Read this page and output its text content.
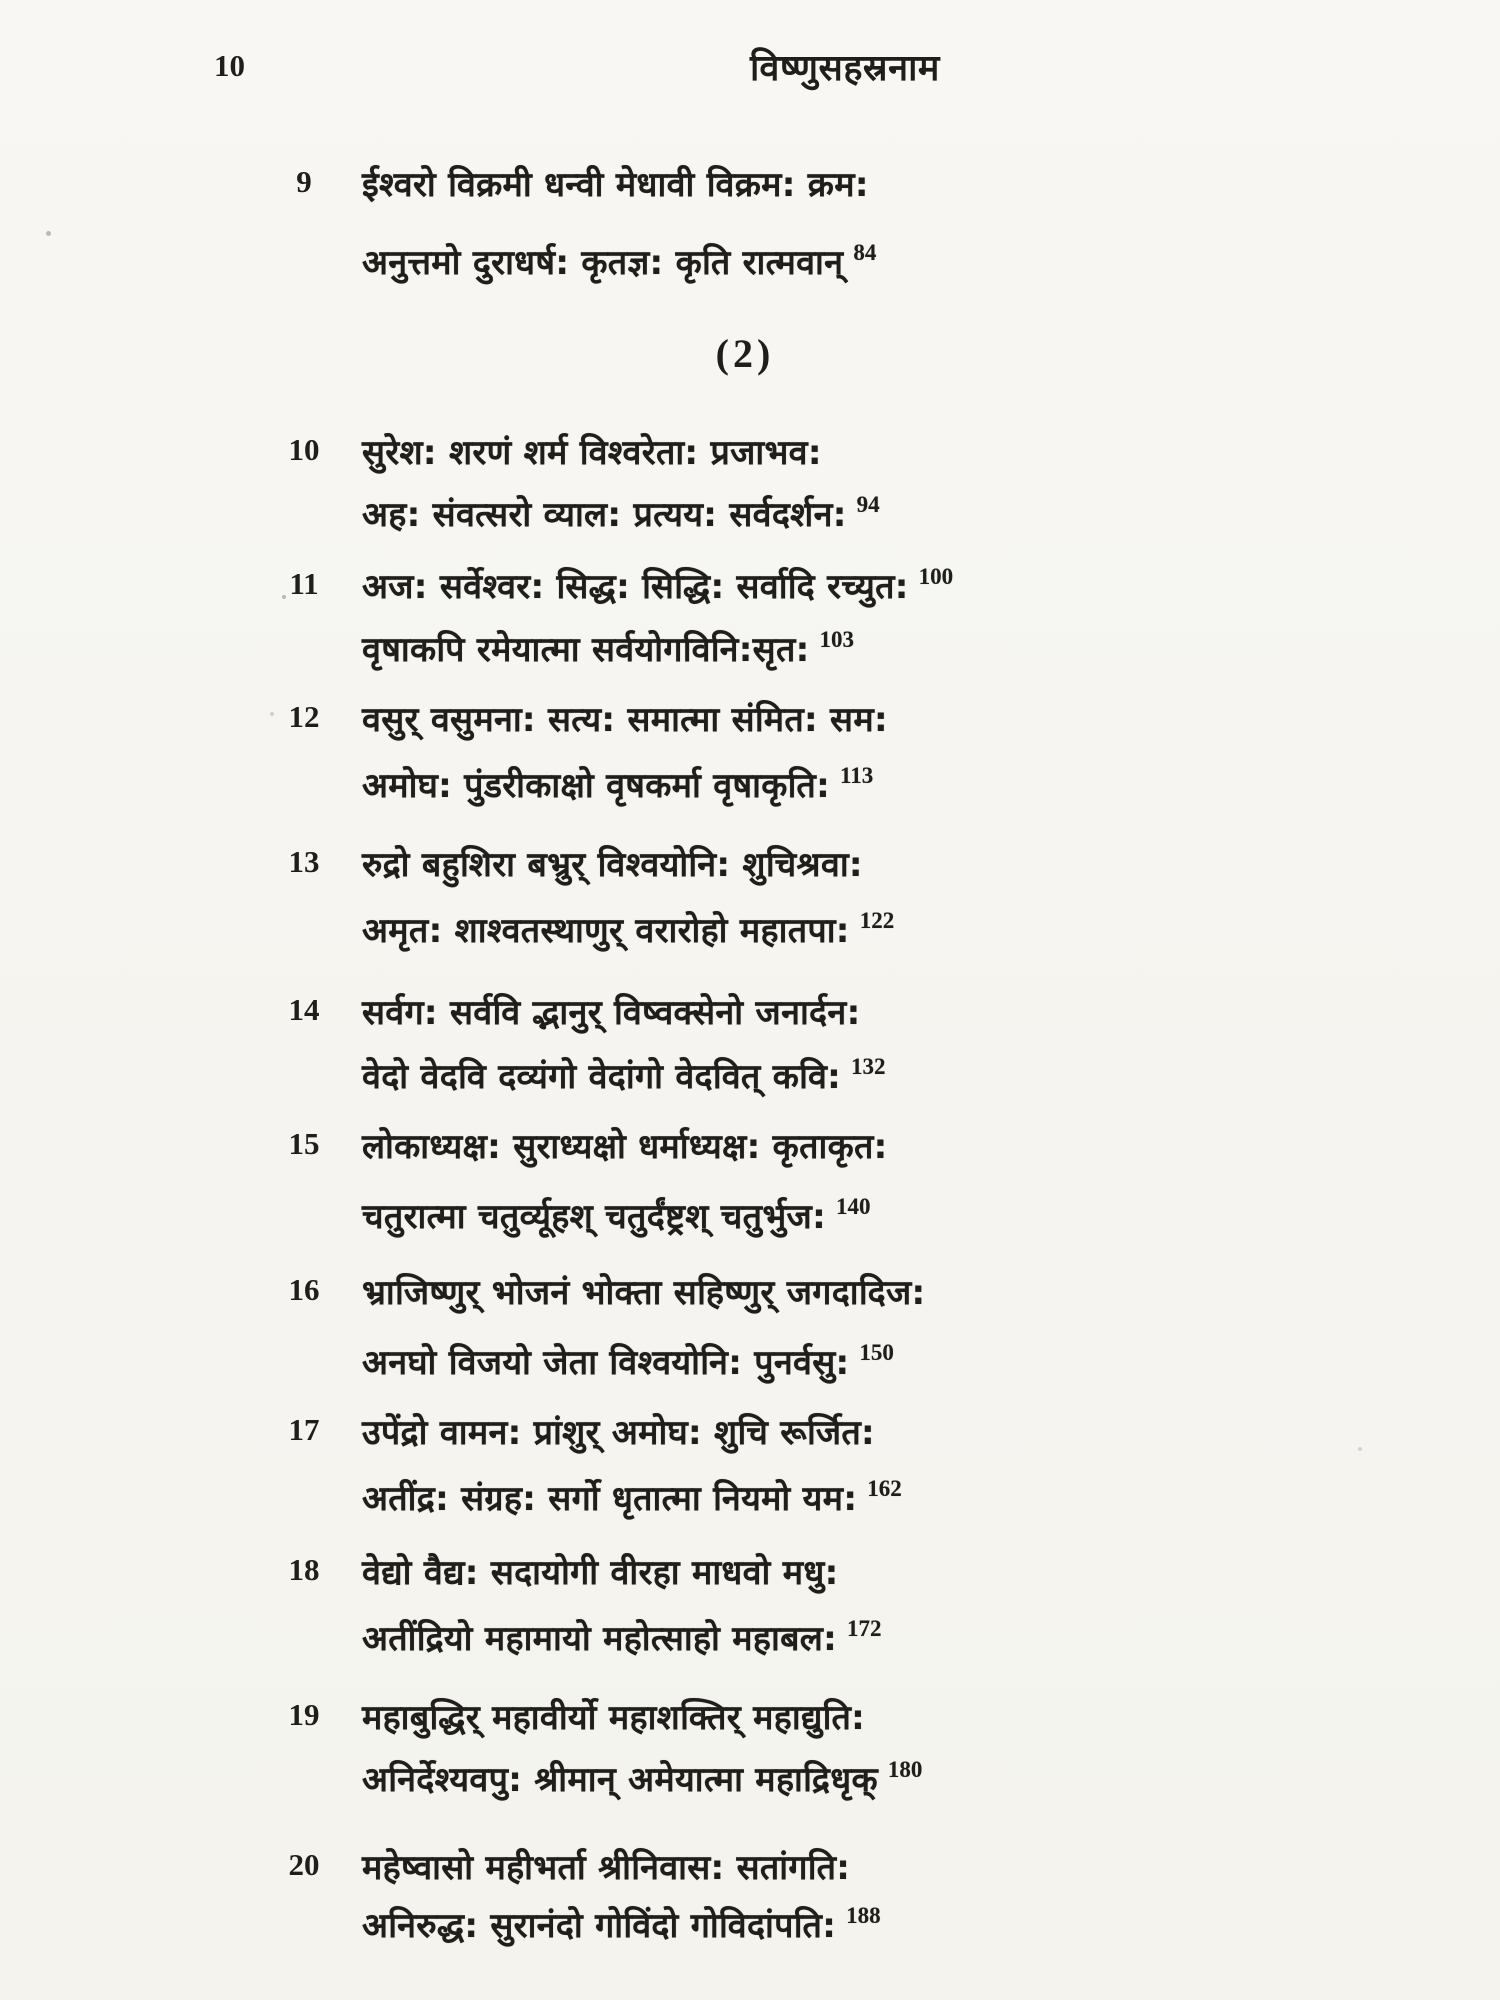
10	विष्णुसहस्रनाम
(2)
9	ईश्वरो विक्रमी धन्वी मेधावी विक्रम: क्रम:
अनुत्तमो दुराधर्ष: कृतज्ञ: कृति रात्मवान् $^{84}$
10	सुरेश: शरणं शर्म विश्वरेता: प्रजाभव:
अह: संवत्सरो व्याल: प्रत्यय: सर्वदर्शन: $^{94}$
11	अज: सर्वेश्वर: सिद्ध: सिद्धि: सर्वादि रच्युत: $^{100}$
वृषाकपि रमेयात्मा सर्वयोगविनि:सृत: $^{103}$
12	वसुर् वसुमना: सत्य: समात्मा संमित: सम:
अमोघ: पुंडरीकाक्षो वृषकर्मा वृषाकृति: $^{113}$
13	रुद्रो बहुशिरा बभ्रुर् विश्वयोनि: शुचिश्रवा:
अमृत: शाश्वतस्थाणुर् वरारोहो महातपा: $^{122}$
14	सर्वग: सर्ववि द्भानुर् विष्वक्सेनो जनार्दन:
वेदो वेदवि दव्यंगो वेदांगो वेदवित् कवि: $^{132}$
15	लोकाध्यक्ष: सुराध्यक्षो धर्माध्यक्ष: कृताकृत:
चतुरात्मा चतुर्व्यूहश् चतुर्दंष्ट्रश् चतुर्भुज: $^{140}$
16	भ्राजिष्णुर् भोजनं भोक्ता सहिष्णुर् जगदादिज:
अनघो विजयो जेता विश्वयोनि: पुनर्वसु: $^{150}$
17	उपेंद्रो वामन: प्रांशुर् अमोघ: शुचि रूर्जित:
अतींद्र: संग्रह: सर्गो धृतात्मा नियमो यम: $^{162}$
18	वेद्यो वैद्य: सदायोगी वीरहा माधवो मधु:
अतींद्रियो महामायो महोत्साहो महाबल: $^{172}$
19	महाबुद्धिर् महावीर्यो महाशक्तिर् महाद्युति:
अनिर्देश्यवपु: श्रीमान् अमेयात्मा महाद्रिधृक् $^{180}$
20	महेष्वासो महीभर्ता श्रीनिवास: सतांगति:
अनिरुद्ध: सुरानंदो गोविंदो गोविदांपति: $^{188}$
